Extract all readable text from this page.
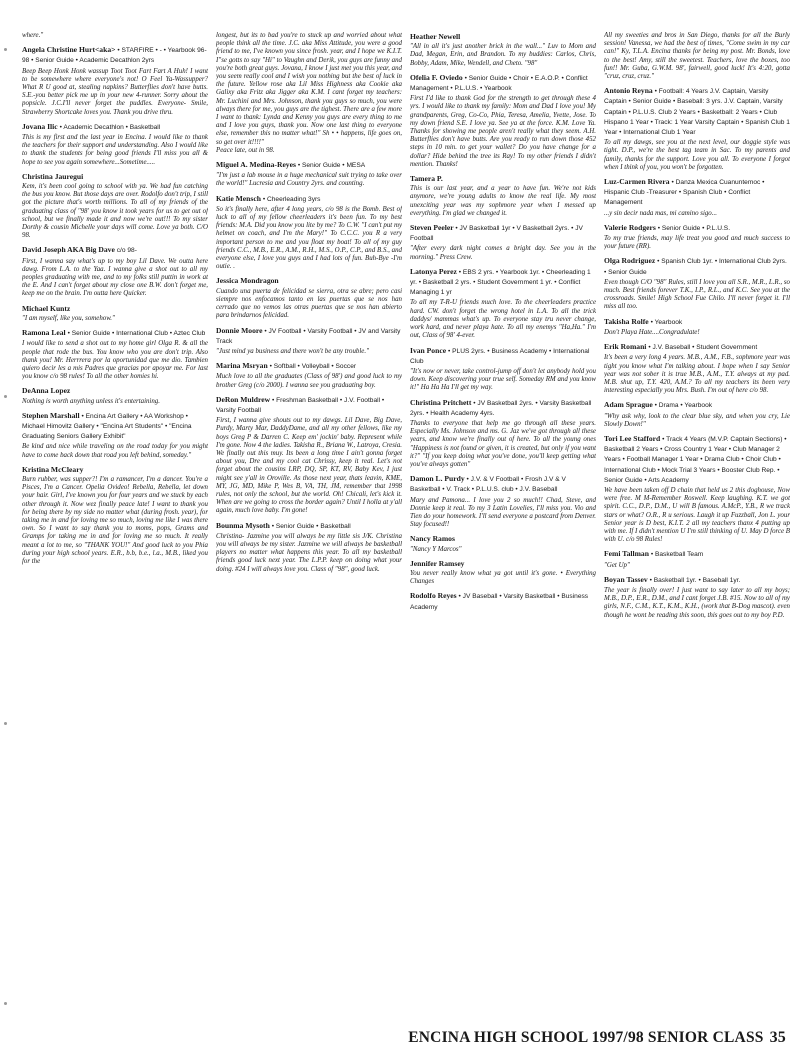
where."

Angela Christine Hurt<aka> • STARFIRE • - • Yearbook 96-98 • Senior Guide • Academic Decathlon 2yrs

Beep Beep Honk Honk wassup Toot Toot Fart Fart A Huh! I want to be somewhere where everyone's not! O Feel Ya-Wassupper? What R U good at, stealing napkins? Butterflies don't have butts. S.E.-you better pick me up in your new 4-runner. Sorry about the popsicle. J.C.I'll never forget the puddles. Everyone- Smile, Strawberry Shortcake loves you. Thank you drive thru.

Jovana Ilic • Academic Decathlon • Basketball

This is my first and the last year in Encina. I would like to thank the teachers for their support and understanding. Also I would like to thank the students for being good friends I'll miss you all & hope to see you again somewhere...Sometime.....

Christina Jauregui

Kem, it's been cool going to school with ya. We had fun catching the bus you know. But those days are over. Rodolfo don't trip, I still got the picture that's worth millions. To all of my friends of the graduating class of "98' you know it took years for us to get out of school, but we finally made it and now we're out!!! To my sister Dorthy & cousin Michelle your days will come. Love ya both. C/O 98.

David Joseph AKA Big Dave c/o 98-

First, I wanna say what's up to my boy Lil Dave. We outta here dawg. From L.A. to the Yaa. I wanna give a shot out to all my peoples graduating with me, and to my folks still puttin in work at the E. And I can't forget about my close one B.W. don't forget me, keep me on the brain. I'm outta here Quicker.

Michael Kuntz

"I am myself, like you, somehow."

Ramona Leal • Senior Guide • International Club • Aztec Club

I would like to send a shot out to my home girl Olga R. & all the people that rode the bus. You know who you are don't trip. Also thank you! Mr. Herrrera por la oportunidad que me dio. Tambien quiero decir les a mis Padres que gracias por apoyar me. For last you know c/o 98 rules! To all the other homies hi.

DeAnna Lopez

Nothing is worth anything unless it's entertaining.

Stephen Marshall • Encina Art Gallery • AA Workshop • Michael Himovitz Gallery • "Encina Art Students" • "Encina Graduating Seniors Gallery Exhibit"

Be kind and nice while traveling on the road today for you might have to come back down that road you left behind, someday."

Kristina McCleary

Burn rubber, was supper?! I'm a ramancer, I'm a dancer. You're a Pisces, I'm a Cancer. Opelia Ovideo! Rebella, Rebella, let down your hair. Girl, I've known you for four years and we stuck by each other through it. Now wez finally peace late! I want to thank you for being there by my side no matter what (during frosh. year), for taking me in and for loving me so much, loving me like I was there own. So I want to say thank you to moms, pops, Grams and Gramps for taking me in and for loving me so much. It really meant a lot to me, so "THANK YOU!" And good luck to you Phia during your high school years. E.R., b.b, b.e., l.a., M.B., liked you for the

longest, but its to bad you're to stuck up and worried about what people think all the time. J.C. aka Miss Attitude, you were a good friend to me, I've known you since frosh. year, and I hope we K.I.T. I"se gotts to say "Hi" to Vaughn and Derik, you guys are funny and you're both great guys. Jovana, I know I just met you this year, and you seem really cool and I wish you nothing but the best of luck in the future. Yellow rose aka Lil Miss Highness aka Cookie aka Galixy aka Fritz aka Jigger aka K.M. I cant forget my teachers: Mr. Luchini and Mrs. Johnson, thank you guys so much, you were always there for me, you guys are the tighest. There are a few more I want to thank: Lynda and Kenny you guys are every thing to me and I love you guys, thank you. Now one last thing to everyone else, remember this no matter what!" Sh • • happens, life goes on, so get over it!!!!"
Peace late, out in 98.

Miguel A. Medina-Reyes • Senior Guide • MESA

"I'm just a lab mouse in a huge mechanical suit trying to take over the world!" Lucresia and Country 2yrs. and counting.

Katie Mensch • Cheerleading 3yrs

So it's finally here, after 4 long years, c/o 98 is the Bomb. Best of luck to all of my fellow cheerleaders it's been fun. To my best friends: M.A. Did you know you lite by me? To C.W. "I can't put my helmet on coach, and I'm the Mary!" To C.C.C. you R a very important person to me and you float my boat! To all of my guy friends C.C., M.B., E.R., A.M., R.H., M.S., O.P., C.P., and B.S., and everyone else, I love you guys and I had lots of fun. Buh-Bye -I'm outie. .

Jessica Mondragon

Cuando una puerta de felicidad se sierra, otra se abre; pero casi siempre nos enfocamos tanto en las puertas que se nos han cerrado que no vemos las otras puertas que se nos han abierto para brindarnos felicidad.

Donnie Moore • JV Football • Varsity Football • JV and Varsity Track

"Just mind ya business and there won't be any trouble."

Marina Msryan • Softball • Volleyball • Soccer

Much love to all the graduates (Class of 98') and good luck to my brother Greg (c/o 2000). I wanna see you graduating boy.

DeRon Muldrew • Freshman Basketball • J.V. Football • Varsity Football

First, I wanna give shouts out to my dawgs. Lil Dave, Big Dave, Purdy, Marty Mar, DaddyDame, and all my other fellows, like my boys Greg P & Darren C. Keep em' jockin' baby. Represent while I'm gone. Now 4 the ladies. Takisha R., Briana W., Latroya, Cresia. We finally out this muy. Its been a long time I ain't gonna forget about you, Dre and my cool cat Chrissy, keep it real. Let's not forget about the cousins LRP, DQ, SP, KT, RV, Baby Kev, I just might see y'all in Oroville. As those next year, thats leavin, KME, MY, JG, MD, Mike P, Wes B, VA, TH, JM, remember that 1998 rules, not only the school, but the world. Oh! Chicali, let's kick it. When are we going to cross the border again? Until I holla at y'all again, much love baby. I'm gone!

Bounma Mysoth • Senior Guide • Basketball

Christina- Jazmine you will always be my little sis J/K. Christina you will always be my sister. Jazmine we will always be basketball players no matter what happens this year. To all my basketball friends good luck next year. The L.P.P. keep on doing what your doing. #24 I will always love you. Class of "98", good luck.

Heather Newell

"All in all it's just another brick in the wall..." Luv to Mom and Dad, Megan, Erin, and Brandon. To my buddies: Carlos, Chris, Bobby, Adam, Mike, Wendell, and Cheto. "98"

Ofelia F. Oviedo • Senior Guide • Choir • E.A.O.P. • Conflict Management • P.L.U.S. • Yearbook

First I'd like to thank God for the strength to get through these 4 yrs. I would like to thank my family: Mom and Dad I love you! My grandparents, Greg, Co-Co, Phia, Teresa, Amelia, Yvette, Jose. To my down friend S.E. I love ya. See ya at the force. K.M. Love Ya. Thanks for showing me people aren't really what they seem. A.H. Butterflies don't have butts. Are you ready to run down those 452 steps in 10 min. to get your wallet? Do you have change for a dollar? Hide behind the tree its Ray! To my other friends I didn't mention. Thanks!

Tamera P.

This is our last year, and a year to have fun. We're not kids anymore, we're young adults to know the real life. My most unexciting year was my sophmore year when I messed up everything. I'm glad we changed it.

Steven Peeler • JV Basketball 1yr • V Basketball 2yrs. • JV Football

"After every dark night comes a bright day. See you in the morning." Press Crew.

Latonya Perez • EBS 2 yrs. • Yearbook 1yr. • Cheerleading 1 yr. • Basketball 2 yrs. • Student Government 1 yr. • Conflict Managing 1 yr

To all my T-R-U friends much love. To the cheerleaders practice hard. CW. don't forget the wrong hotel in L.A. To all the trick daddys/ mammas what's up. To everyone stay tru never change, work hard, and never playa hate. To all my enemys "Ha,Ha." I'm out, Class of 98' 4-ever.

Ivan Ponce • PLUS 2yrs. • Business Academy • International Club

"It's now or never, take control-jump off don't let anybody hold you down. Keep discovering your true self. Someday RM and you know it!" Ha Ha Ha I'll get my way.

Christina Pritchett • JV Basketball 2yrs. • Varsity Basketball 2yrs. • Health Academy 4yrs.

Thanks to everyone that help me go through all these years. Especially Ms. Johnson and ms. G. Jaz we've got through all these years, and know we're finally out of here. To all the young ones "Happiness is not found or given, it is created, but only if you want it?" "If you keep doing what you've done, you'll keep getting what you've always gotten"

Damon L. Purdy • J.V. & V Football • Frosh J.V & V Basketball • V. Track • P.L.U.S. club • J.V. Baseball

Mary and Pamona... I love you 2 so much!! Chad, Steve, and Donnie keep it real. To my 3 Latin Lovelies, I'll miss you. Vio and Tien do your homework. I'll send everyone a postcard from Denver. Stay focused!!

Nancy Ramos

"Nancy Y Marcos"

Jennifer Ramsey

You never really know what ya got until it's gone. • Everything Changes

Rodolfo Reyes • JV Baseball • Varsity Basketball • Business Academy

All my sweeties and bros in San Diego, thanks for all the Burly session! Vanessa, we had the best of times, "Come swim in my car can!" Ky, T.L.A. Encina thanks for being my post. Mr. Bonds, love to the best! Amy, still the sweetest. Teachers, love the boxes, too fun!! Mr. Guba, G.W.M. 98', fairwell, good luck! It's 4:20, gotta "cruz, cruz, cruz."

Antonio Reyna • Football: 4 Years J.V. Captain, Varsity Captain • Senior Guide • Baseball: 3 yrs. J.V. Captain, Varsity Captain • P.L.U.S. Club 2 Years • Basketball: 2 Years • Club Hispano 1 Year • Track: 1 Year Varsity Captain • Spanish Club 1 Year • International Club 1 Year

To all my dawgs, see you at the next level, our doggie style was tight. D.P., we're the best tag team in Sac. To my parents and family, thanks for the support. Love you all. To everyone I forgot when I think of you, you won't be forgotten.

Luz-Carmen Rivera • Danza Mexica Cuanuntemoc • Hispanic Club -Treasurer • Spanish Club • Conflict Management

...y sin decir nada mas, mi camino sigo...

Valerie Rodgers • Senior Guide • P.L.U.S.

To my true friends, may life treat you good and much success to your future (RR).

Olga Rodriguez • Spanish Club 1yr. • International Club 2yrs. • Senior Guide

Even though C/O "98" Rules, still I love you all S.R., M.R., L.R., so much. Best friends forever T.K., I.P., R.L., and K.C. See you at the crossroads. Smile! High School Fue Chilo. I'll never forget it. I'll miss all too.

Takisha Rolfe • Yearbook

Don't Playa Hate....Congradulate!

Erik Romani • J.V. Baseball • Student Government

It's been a very long 4 years. M.B., A.M., F.B., sophmore year was tight you know what I'm talking about. I hope when I say Senior year was not sober it is true M.B., A.M., T.Y. always at my pad. M.B. shut up, T.Y. 420, A.M.? To all my teachers its been very interesting especially you Mrs. Bush. I'm out of here c/o 98.

Adam Sprague • Drama • Yearbook

"Why ask why, look to the clear blue sky, and when you cry, Lie Slowly Down!"

Tori Lee Stafford • Track 4 Years (M.V.P. Captain Sections) • Basketball 2 Years • Cross Country 1 Year • Club Manager 2 Years • Football Manager 1 Year • Drama Club • Choir Club • International Club • Mock Trial 3 Years • Booster Club Rep. • Senior Guide • Arts Academy

We have been taken off D chain that held us 2 this doghouse, Now were free. M M-Remember Roswell. Keep laughing. K.T. we got spirit. C.C., D.P., D.M., U will B famous. A.McP., Y.B., R we track stars or what? O.R., R u serious. Laugh it up Fuzzball, Jon L. your Senior year is D best, K.I.T. 2 all my teachers thanx 4 putting up with me. If I didn't mention U I'm still thinking of U. May D force B with U. c/o 98 Rules!

Femi Tallman • Basketball Team

"Get Up"

Boyan Tassev • Basketball 1yr. • Baseball 1yr.

The year is finally over! I just want to say later to all my boys; M.B., D.P., E.R., D.M., and I cant forget J.B. #15. Now to all of my girls, N.F., C.M., K.T., K.M., K.H., (work that B-Dog mascot). even though he wont be reading this soon, this goes out to my boy P.D.

ENCINA HIGH SCHOOL 1997/98 SENIOR CLASS 35
